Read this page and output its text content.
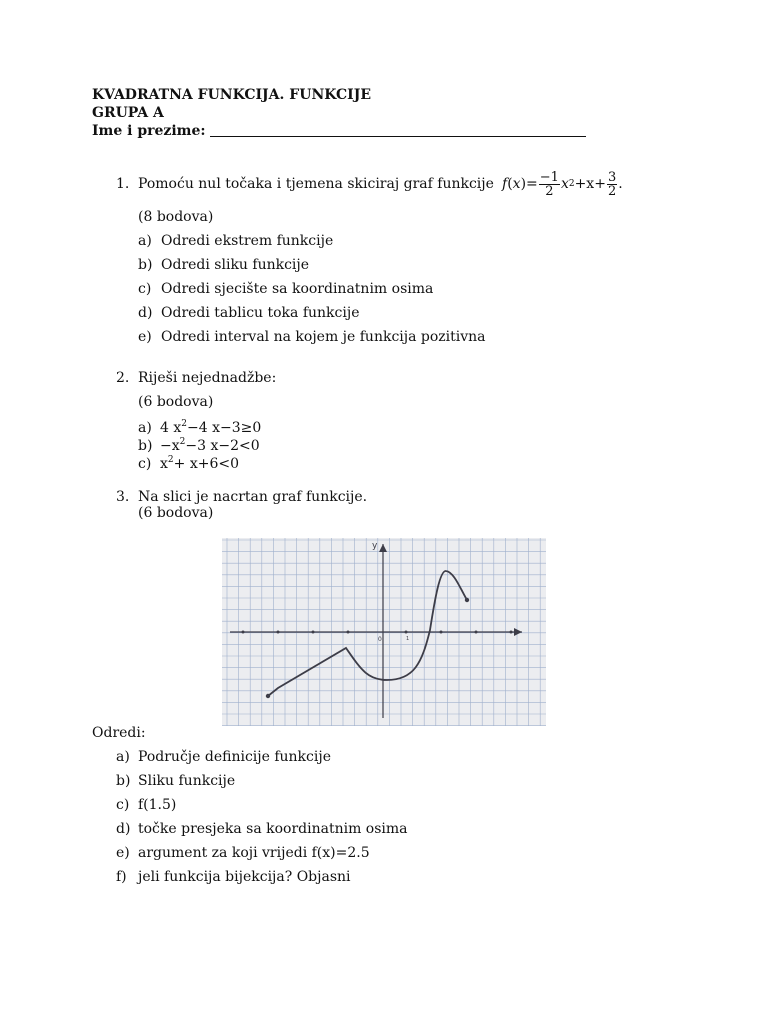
KVADRATNA FUNKCIJA. FUNKCIJE
GRUPA A
Ime i prezime:
1. Pomoću nul točaka i tjemena skiciraj graf funkcije f ( x ) = $\frac{-1}{2}$ x $2 +x+ \frac{3}{2}$ .
(8 bodova)
a) Odredi ekstrem funkcije
b) Odredi sliku funkcije
c) Odredi sjecište sa koordinatnim osima
d) Odredi tablicu toka funkcije
e) Odredi interval na kojem je funkcija pozitivna
2. Riješi nejednadžbe:
(6 bodova)
a) 4 $x^2-4$ x−3≥0
$b) -x^2-3$ x−2<0
c) $x^2+ x+6<0$
3. Na slici je nacrtan graf funkcije.
(6 bodova)
y
0	1
Odredi:
a) Područje definicije funkcije
b) Sliku funkcije
c) f(1.5)
d) točke presjeka sa koordinatnim osima
e) argument za koji vrijedi f(x)=2.5
f) jeli funkcija bijekcija? Objasni
